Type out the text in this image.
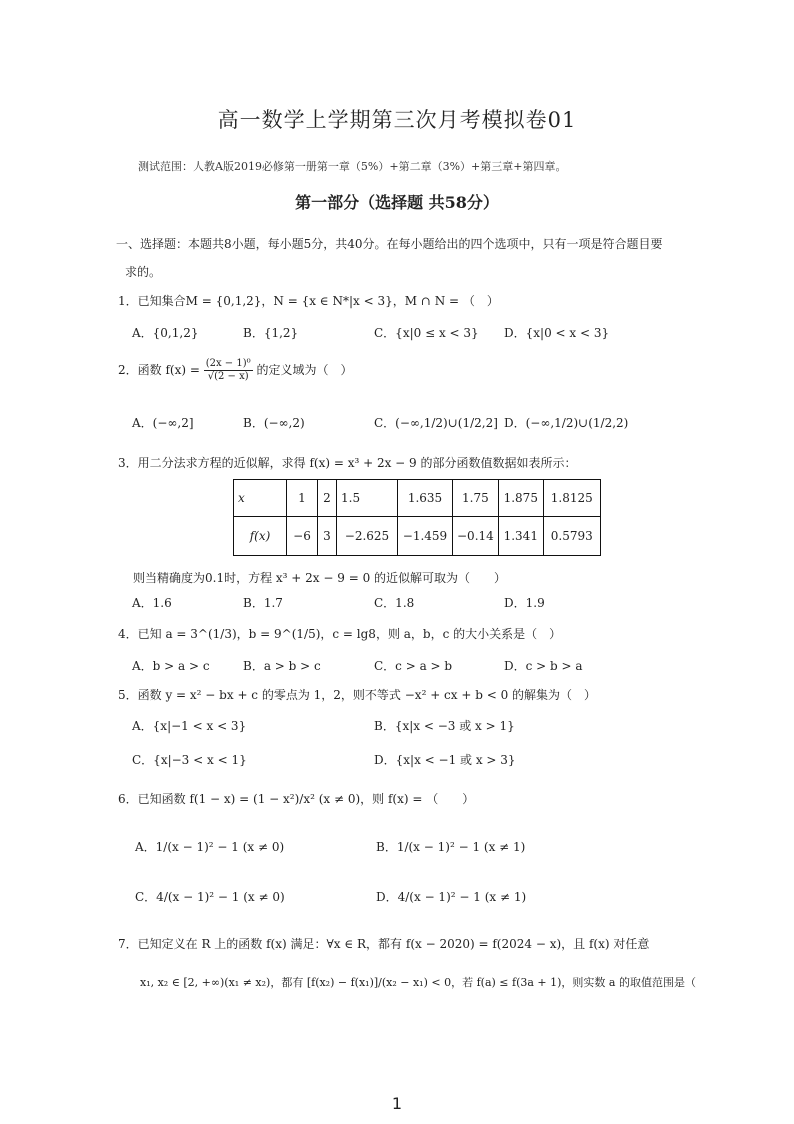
高一数学上学期第三次月考模拟卷01
测试范围：人教A版2019必修第一册第一章（5%）+第二章（3%）+第三章+第四章。
第一部分（选择题 共58分）
一、选择题：本题共8小题，每小题5分，共40分。在每小题给出的四个选项中，只有一项是符合题目要
求的。
1．已知集合M = {0,1,2}，N = {x ∈ N*|x < 3}，M ∩ N = （　）
A．{0,1,2}	B．{1,2}	C．{x|0 ≤ x < 3} D．{x|0 < x < 3}
2．函数 $f(x) = \frac{\text{(2x − 1)⁰}}{√(2 - x)}$ 的定义域为（　）
A．(−∞,2]	B．(−∞,2)	C．(−∞,1/2)∪(1/2,2] D．(−∞,1/2)∪(1/2,2)
3．用二分法求方程的近似解，求得 f(x) = x³ + 2x − 9 的部分函数值数据如表所示：
x	1	2	1.5	1.635	1.75	1.875	1.8125
f(x)	−6	3	−2.625	−1.459	−0.14	1.341	0.5793
则当精确度为0.1时，方程 x³ + 2x − 9 = 0 的近似解可取为（　　）
A．1.6	B．1.7	C．1.8	D．1.9
4．已知 a = 3^(1/3)，b = 9^(1/5)，c = lg8，则 a，b，c 的大小关系是（　）
A．b > a > c	B．a > b > c	C．c > a > b	D．c > b > a
5．函数 y = x² − bx + c 的零点为 1，2，则不等式 −x² + cx + b < 0 的解集为（　）
A．{x|−1 < x < 3}	B．{x|x < −3 或 x > 1}
C．{x|−3 < x < 1}	D．{x|x < −1 或 x > 3}
6．已知函数 f(1 − x) = (1 − x²)/x² (x ≠ 0)，则 f(x) = （　　）
A．1/(x − 1)² − 1 (x ≠ 0)	B．1/(x − 1)² − 1 (x ≠ 1)
C．4/(x − 1)² − 1 (x ≠ 0)	D．4/(x − 1)² − 1 (x ≠ 1)
7．已知定义在 R 上的函数 f(x) 满足：∀x ∈ R，都有 f(x − 2020) = f(2024 − x)，且 f(x) 对任意
x₁, x₂ ∈ [2, +∞)(x₁ ≠ x₂)，都有 [f(x₂) − f(x₁)]/(x₂ − x₁) < 0，若 f(a) ≤ f(3a + 1)，则实数 a 的取值范围是（
1
